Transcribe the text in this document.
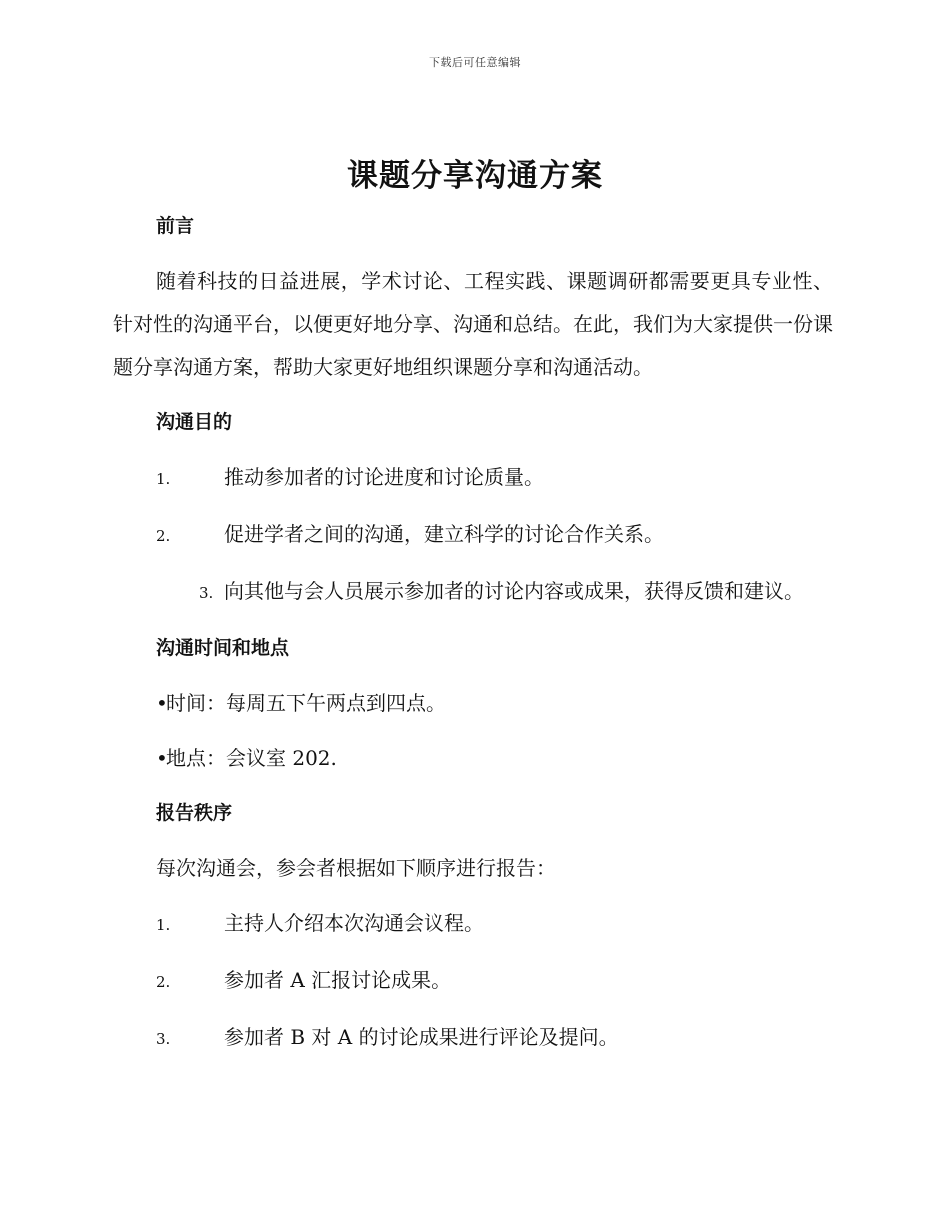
下载后可任意编辑
课题分享沟通方案
前言

随着科技的日益进展，学术讨论、工程实践、课题调研都需要更具专业性、针对性的沟通平台，以便更好地分享、沟通和总结。在此，我们为大家提供一份课题分享沟通方案，帮助大家更好地组织课题分享和沟通活动。

沟通目的
1.	推动参加者的讨论进度和讨论质量。
2.	促进学者之间的沟通，建立科学的讨论合作关系。
3. 向其他与会人员展示参加者的讨论内容或成果，获得反馈和建议。
沟通时间和地点
•时间：每周五下午两点到四点。
•地点：会议室 202.
报告秩序

每次沟通会，参会者根据如下顺序进行报告：

1.	主持人介绍本次沟通会议程。
2.	参加者 A 汇报讨论成果。
3.	参加者 B 对 A 的讨论成果进行评论及提问。
